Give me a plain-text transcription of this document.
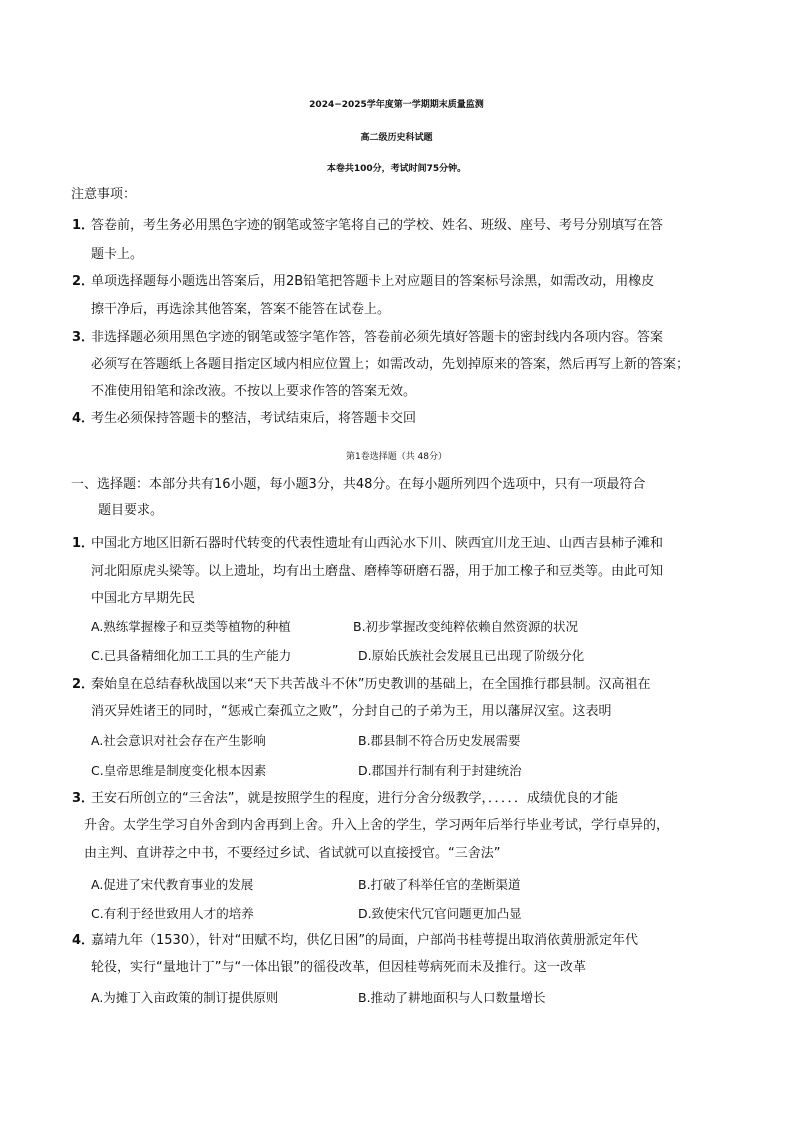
2024−2025学年度第一学期期末质量监测
高二级历史科试题
本卷共100分，考试时间75分钟。
注意事项：
1．
答卷前，考生务必用黑色字迹的钢笔或签字笔将自己的学校、姓名、班级、座号、考号分别填写在答
题卡上。
2．
单项选择题每小题选出答案后，用2B铅笔把答题卡上对应题目的答案标号涂黑，如需改动，用橡皮
擦干净后，再选涂其他答案，答案不能答在试卷上。
3．
非选择题必须用黑色字迹的钢笔或签字笔作答，答卷前必须先填好答题卡的密封线内各项内容。答案
必须写在答题纸上各题目指定区域内相应位置上；如需改动，先划掉原来的答案，然后再写上新的答案；
不准使用铅笔和涂改液。不按以上要求作答的答案无效。
4．
考生必须保持答题卡的整洁，考试结束后，将答题卡交回
第1卷选择题（共 48分）
一、选择题：本部分共有16小题，每小题3分，共48分。在每小题所列四个选项中，只有一项最符合
题目要求。
1．
中国北方地区旧新石器时代转变的代表性遗址有山西沁水下川、陕西宜川龙王辿、山西吉县柿子滩和
河北阳原虎头梁等。以上遗址，均有出土磨盘、磨棒等研磨石器，用于加工橡子和豆类等。由此可知
中国北方早期先民
A.熟练掌握橡子和豆类等植物的种植	B.初步掌握改变纯粹依赖自然资源的状况
C.已具备精细化加工工具的生产能力	D.原始氏族社会发展且已出现了阶级分化
2．
秦始皇在总结春秋战国以来“天下共苦战斗不休”历史教训的基础上，在全国推行郡县制。汉高祖在
消灭异姓诸王的同时，“惩戒亡秦孤立之败”，分封自己的子弟为王，用以藩屏汉室。这表明
A.社会意识对社会存在产生影响	B.郡县制不符合历史发展需要
C.皇帝思维是制度变化根本因素	D.郡国并行制有利于封建统治
3．
王安石所创立的“三舍法”，就是按照学生的程度，进行分舍分级教学，．．．．．成绩优良的才能
升舍。太学生学习自外舍到内舍再到上舍。升入上舍的学生，学习两年后举行毕业考试，学行卓异的，
由主判、直讲荐之中书，不要经过乡试、省试就可以直接授官。“三舍法”
A.促进了宋代教育事业的发展	B.打破了科举任官的垄断渠道
C.有利于经世致用人才的培养	D.致使宋代冗官问题更加凸显
4．
嘉靖九年（1530），针对“田赋不均，供亿日困”的局面，户部尚书桂萼提出取消依黄册派定年代
轮役，实行“量地计丁”与“一体出银”的徭役改革，但因桂萼病死而未及推行。这一改革
A.为摊丁入亩政策的制订提供原则	B.推动了耕地面积与人口数量增长
